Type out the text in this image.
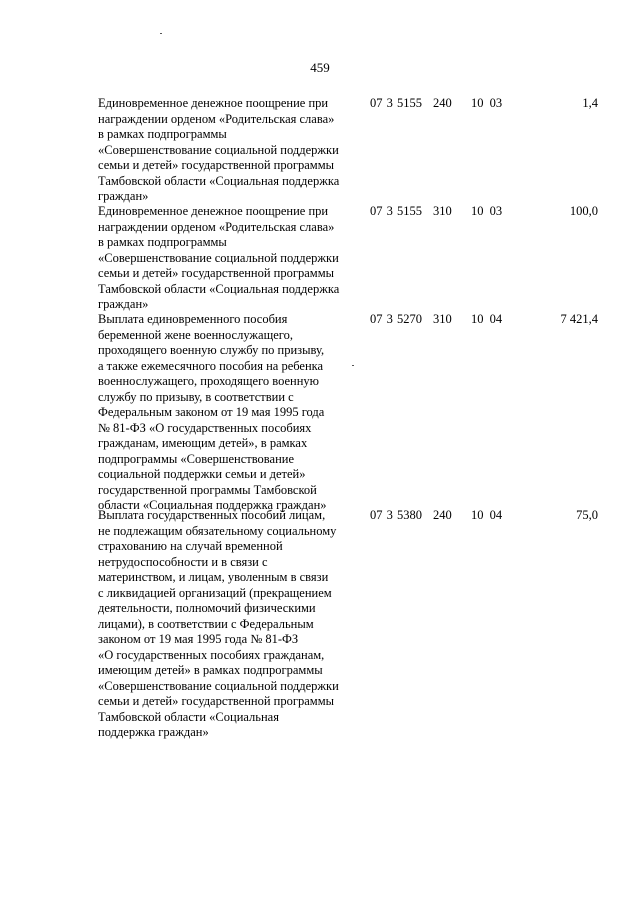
459
Единовременное денежное поощрение при
награждении орденом «Родительская слава»
в рамках подпрограммы
«Совершенствование социальной поддержки
семьи и детей» государственной программы
Тамбовской области «Социальная поддержка
граждан»
07 3 5155 240 10 03	1,4
Единовременное денежное поощрение при
награждении орденом «Родительская слава»
в рамках подпрограммы
«Совершенствование социальной поддержки
семьи и детей» государственной программы
Тамбовской области «Социальная поддержка
граждан»
07 3 5155 310 10 03	100,0
Выплата единовременного пособия
беременной жене военнослужащего,
проходящего военную службу по призыву,
а также ежемесячного пособия на ребенка
военнослужащего, проходящего военную
службу по призыву, в соответствии с
Федеральным законом от 19 мая 1995 года
№ 81-ФЗ «О государственных пособиях
гражданам, имеющим детей», в рамках
подпрограммы «Совершенствование
социальной поддержки семьи и детей»
государственной программы Тамбовской
области «Социальная поддержка граждан»
07 3 5270 310 10 04	7 421,4
Выплата государственных пособий лицам,
не подлежащим обязательному социальному
страхованию на случай временной
нетрудоспособности и в связи с
материнством, и лицам, уволенным в связи
с ликвидацией организаций (прекращением
деятельности, полномочий физическими
лицами), в соответствии с Федеральным
законом от 19 мая 1995 года № 81-ФЗ
«О государственных пособиях гражданам,
имеющим детей» в рамках подпрограммы
«Совершенствование социальной поддержки
семьи и детей» государственной программы
Тамбовской области «Социальная
поддержка граждан»
07 3 5380 240 10 04	75,0
